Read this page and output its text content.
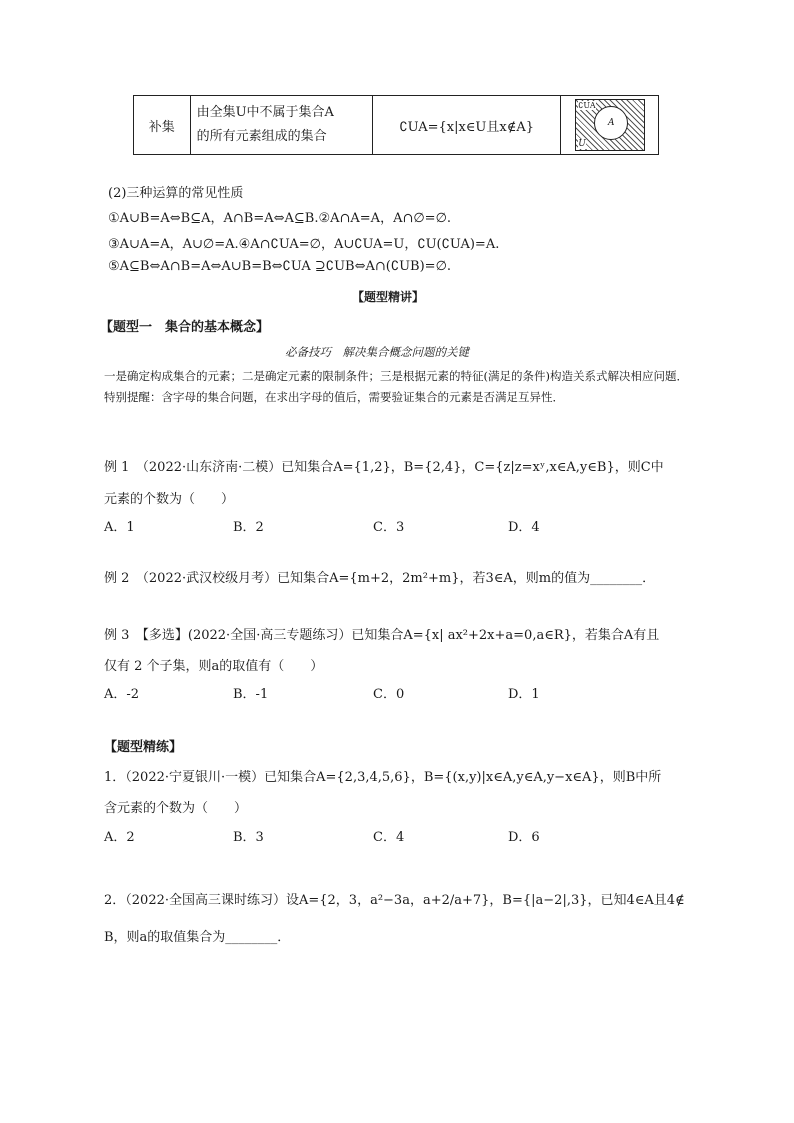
补集	
由全集U中不属于集合A
的所有元素组成的集合
	∁UA={x|x∈U且x∉A}	
∁UA
A
U
(2)三种运算的常见性质
①A∪B=A⇔B⊆A，A∩B=A⇔A⊆B.②A∩A=A，A∩∅=∅.
③A∪A=A，A∪∅=A.④A∩∁UA=∅，A∪∁UA=U，∁U(∁UA)=A.
⑤A⊆B⇔A∩B=A⇔A∪B=B⇔∁UA ⊇∁UB⇔A∩(∁UB)=∅.
【题型精讲】
【题型一　集合的基本概念】
必备技巧　解决集合概念问题的关键
一是确定构成集合的元素；二是确定元素的限制条件；三是根据元素的特征(满足的条件)构造关系式解决相应问题．特别提醒：含字母的集合问题，在求出字母的值后，需要验证集合的元素是否满足互异性．
例 1　（2022·山东济南·二模）已知集合A={1,2}，B={2,4}，C={z|z=xʸ,x∈A,y∈B}，则C中
元素的个数为（　　）
A．1	B．2	C．3	D．4
例 2　（2022·武汉校级月考）已知集合A={m+2，2m²+m}，若3∈A，则m的值为________．
例 3　【多选】(2022·全国·高三专题练习）已知集合A={x| ax²+2x+a=0,a∈R}，若集合A有且
仅有 2 个子集，则a的取值有（　　）
A．-2	B．-1	C．0	D．1
【题型精练】
1．（2022·宁夏银川·一模）已知集合A={2,3,4,5,6}，B={(x,y)|x∈A,y∈A,y−x∈A}，则B中所
含元素的个数为（　　）
A．2	B．3	C．4	D．6
2．（2022·全国高三课时练习）设A={2，3，a²−3a，a+2/a+7}，B={|a−2|,3}，已知4∈A且4∉
B，则a的取值集合为________．
